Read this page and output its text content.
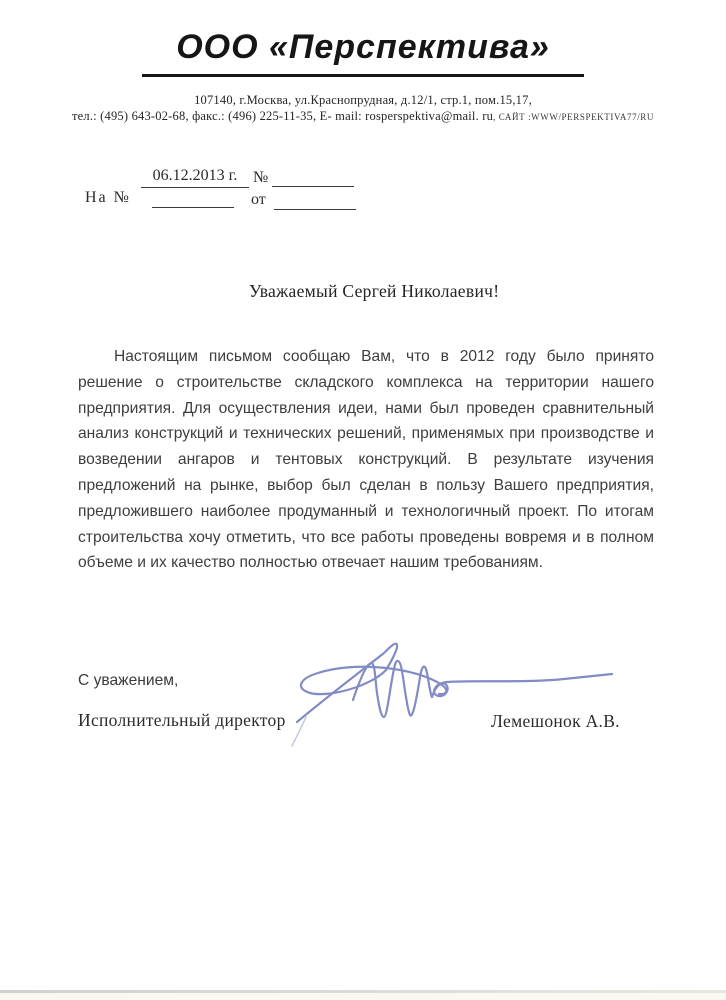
ООО «Перспектива»
107140, г.Москва, ул.Краснопрудная, д.12/1, стр.1, пом.15,17,
тел.: (495) 643-02-68, факс.: (496) 225-11-35, E- mail: rosperspektiva@mail. ru, САЙТ :WWW/PERSPEKTIVA77/RU
06.12.2013 г. №
На №	от
Уважаемый Сергей Николаевич!

Настоящим письмом сообщаю Вам, что в 2012 году было принято решение о строительстве складского комплекса на территории нашего предприятия. Для осуществления идеи, нами был проведен сравнительный анализ конструкций и технических решений, применямых при производстве и возведении ангаров и тентовых конструкций. В результате изучения предложений на рынке, выбор был сделан в пользу Вашего предприятия, предложившего наиболее продуманный и технологичный проект. По итогам строительства хочу отметить, что все работы проведены вовремя и в полном объеме и их качество полностью отвечает нашим требованиям.

С уважением,
Исполнительный директор	Лемешонок А.В.
